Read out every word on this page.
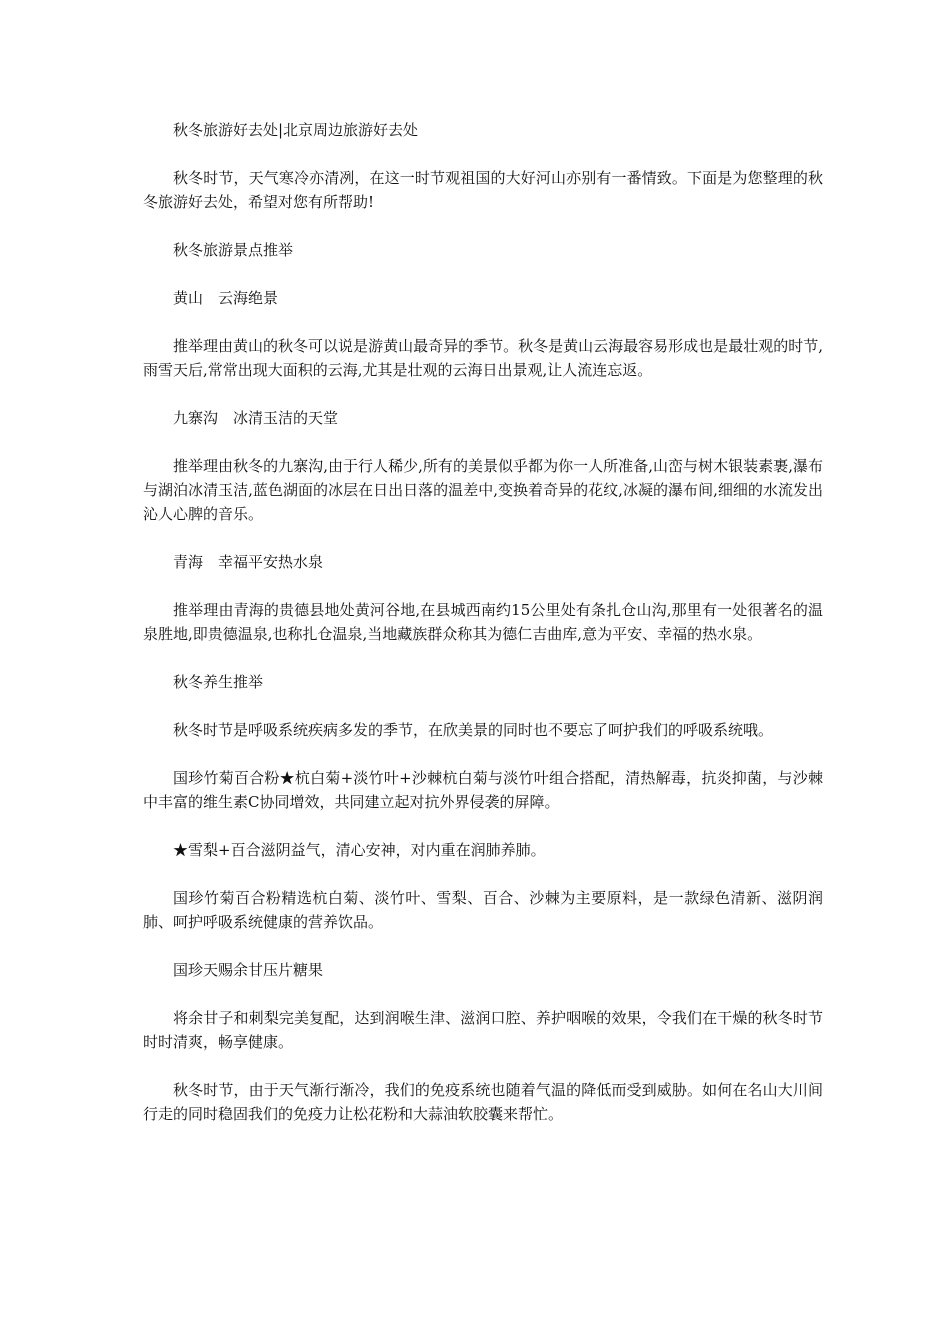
秋冬旅游好去处|北京周边旅游好去处

秋冬时节，天气寒冷亦清冽，在这一时节观祖国的大好河山亦别有一番情致。下面是为您整理的秋冬旅游好去处，希望对您有所帮助!

秋冬旅游景点推举

黄山　云海绝景

推举理由黄山的秋冬可以说是游黄山最奇异的季节。秋冬是黄山云海最容易形成也是最壮观的时节,雨雪天后,常常出现大面积的云海,尤其是壮观的云海日出景观,让人流连忘返。

九寨沟　冰清玉洁的天堂

推举理由秋冬的九寨沟,由于行人稀少,所有的美景似乎都为你一人所准备,山峦与树木银装素裹,瀑布与湖泊冰清玉洁,蓝色湖面的冰层在日出日落的温差中,变换着奇异的花纹,冰凝的瀑布间,细细的水流发出沁人心脾的音乐。

青海　幸福平安热水泉

推举理由青海的贵德县地处黄河谷地,在县城西南约15公里处有条扎仓山沟,那里有一处很著名的温泉胜地,即贵德温泉,也称扎仓温泉,当地藏族群众称其为德仁吉曲库,意为平安、幸福的热水泉。

秋冬养生推举

秋冬时节是呼吸系统疾病多发的季节，在欣美景的同时也不要忘了呵护我们的呼吸系统哦。

国珍竹菊百合粉★杭白菊+淡竹叶+沙棘杭白菊与淡竹叶组合搭配，清热解毒，抗炎抑菌，与沙棘中丰富的维生素C协同增效，共同建立起对抗外界侵袭的屏障。

★雪梨+百合滋阴益气，清心安神，对内重在润肺养肺。

国珍竹菊百合粉精选杭白菊、淡竹叶、雪梨、百合、沙棘为主要原料，是一款绿色清新、滋阴润肺、呵护呼吸系统健康的营养饮品。

国珍天赐余甘压片糖果

将余甘子和刺梨完美复配，达到润喉生津、滋润口腔、养护咽喉的效果，令我们在干燥的秋冬时节时时清爽，畅享健康。

秋冬时节，由于天气渐行渐冷，我们的免疫系统也随着气温的降低而受到威胁。如何在名山大川间行走的同时稳固我们的免疫力让松花粉和大蒜油软胶囊来帮忙。
